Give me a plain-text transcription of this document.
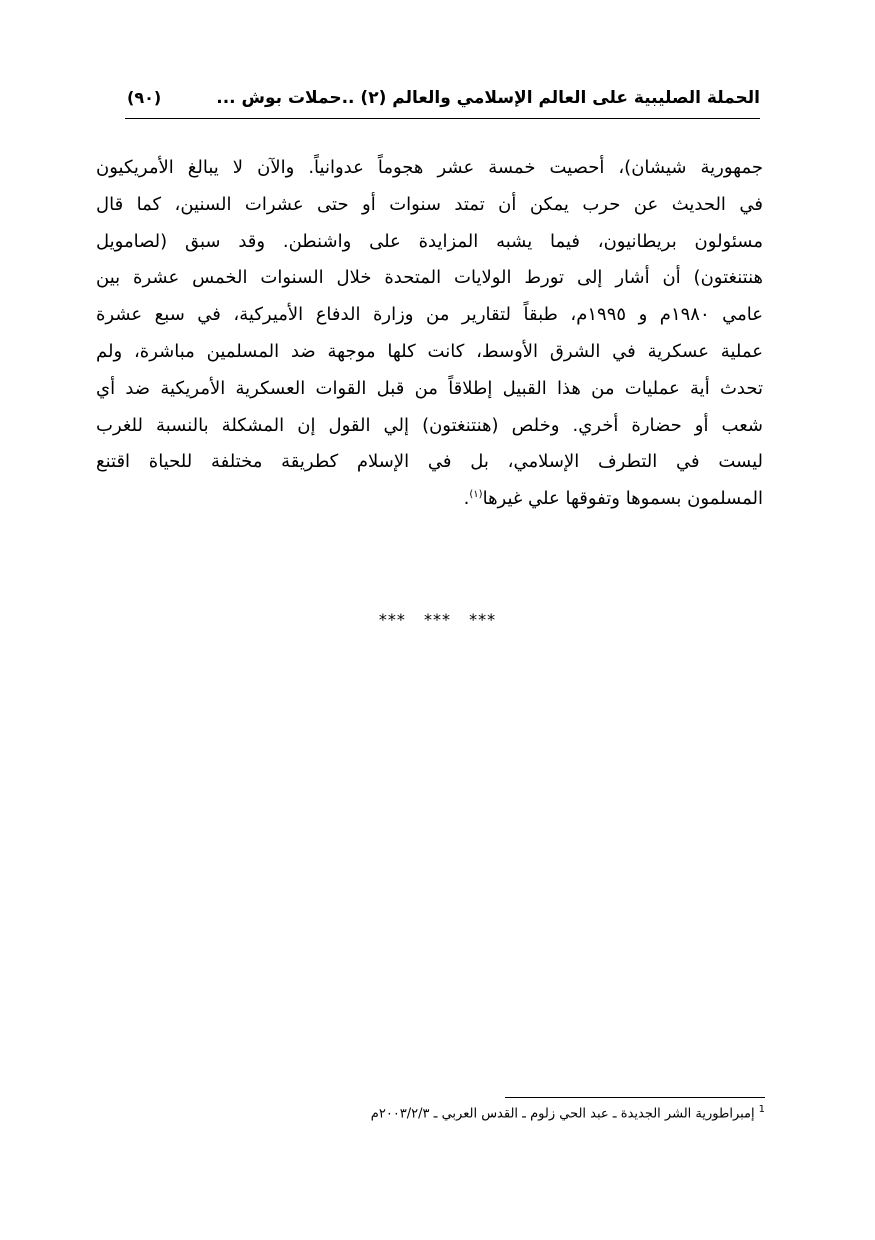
الحملة الصليبية على العالم الإسلامي والعالم (٢) ..حملات بوش ...
(٩٠)
جمهورية شيشان)، أحصيت خمسة عشر هجوماً عدوانياً. والآن لا يبالغ الأمريكيون
في الحديث عن حرب يمكن أن تمتد سنوات أو حتى عشرات السنين، كما قال
مسئولون بريطانيون، فيما يشبه المزايدة على واشنطن. وقد سبق (لصامويل
هنتنغتون) أن أشار إلى تورط الولايات المتحدة خلال السنوات الخمس عشرة بين
عامي ١٩٨٠م و ١٩٩٥م، طبقاً لتقارير من وزارة الدفاع الأميركية، في سبع عشرة
عملية عسكرية في الشرق الأوسط، كانت كلها موجهة ضد المسلمين مباشرة، ولم
تحدث أية عمليات من هذا القبيل إطلاقاً من قبل القوات العسكرية الأمريكية ضد أي
شعب أو حضارة أخري. وخلص (هنتنغتون) إلي القول إن المشكلة بالنسبة للغرب
ليست في التطرف الإسلامي، بل في الإسلام كطريقة مختلفة للحياة اقتنع
المسلمون بسموها وتفوقها علي غيرها$^{(١)}$.
*** *** ***
$^1$إمبراطورية الشر الجديدة ـ عبد الحي زلوم ـ القدس العربي ـ ٢٠٠٣/٢/٣م
